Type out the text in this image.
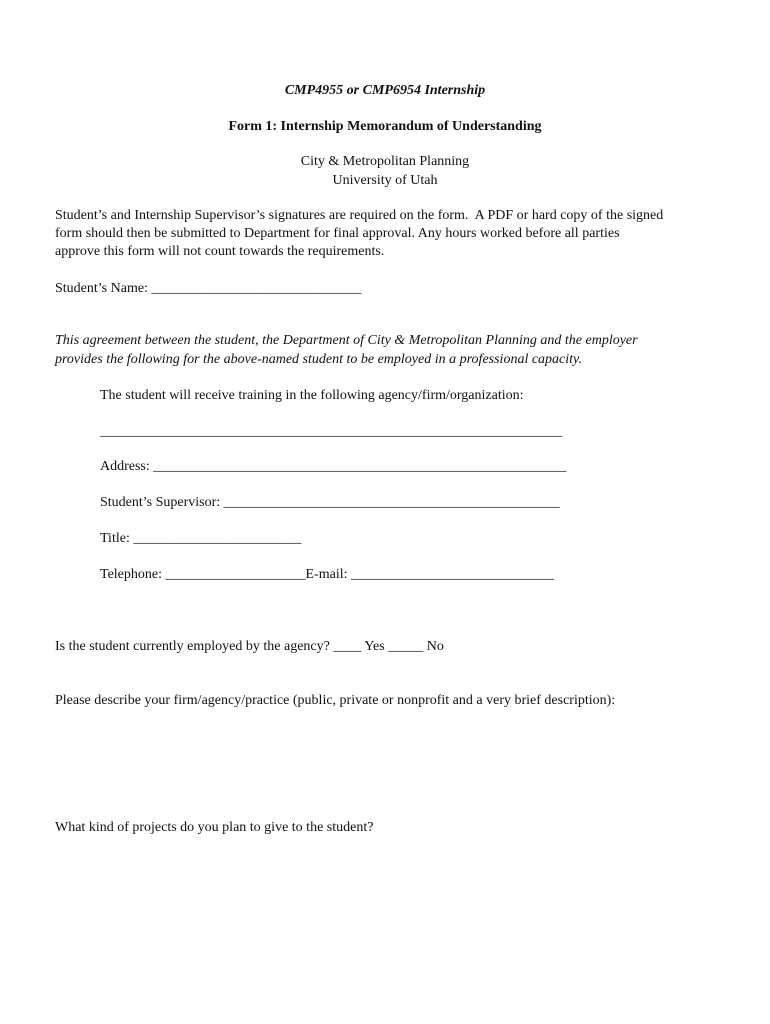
CMP4955 or CMP6954 Internship
Form 1: Internship Memorandum of Understanding
City & Metropolitan Planning
University of Utah
Student’s and Internship Supervisor’s signatures are required on the form.  A PDF or hard copy of the signed
form should then be submitted to Department for final approval. Any hours worked before all parties
approve this form will not count towards the requirements.
Student’s Name: ______________________________
This agreement between the student, the Department of City & Metropolitan Planning and the employer
provides the following for the above-named student to be employed in a professional capacity.
The student will receive training in the following agency/firm/organization:
__________________________________________________________________
Address: ___________________________________________________________
Student’s Supervisor: ________________________________________________
Title: ________________________
Telephone: ____________________E-mail: _____________________________
Is the student currently employed by the agency? ____ Yes _____ No
Please describe your firm/agency/practice (public, private or nonprofit and a very brief description):
What kind of projects do you plan to give to the student?
